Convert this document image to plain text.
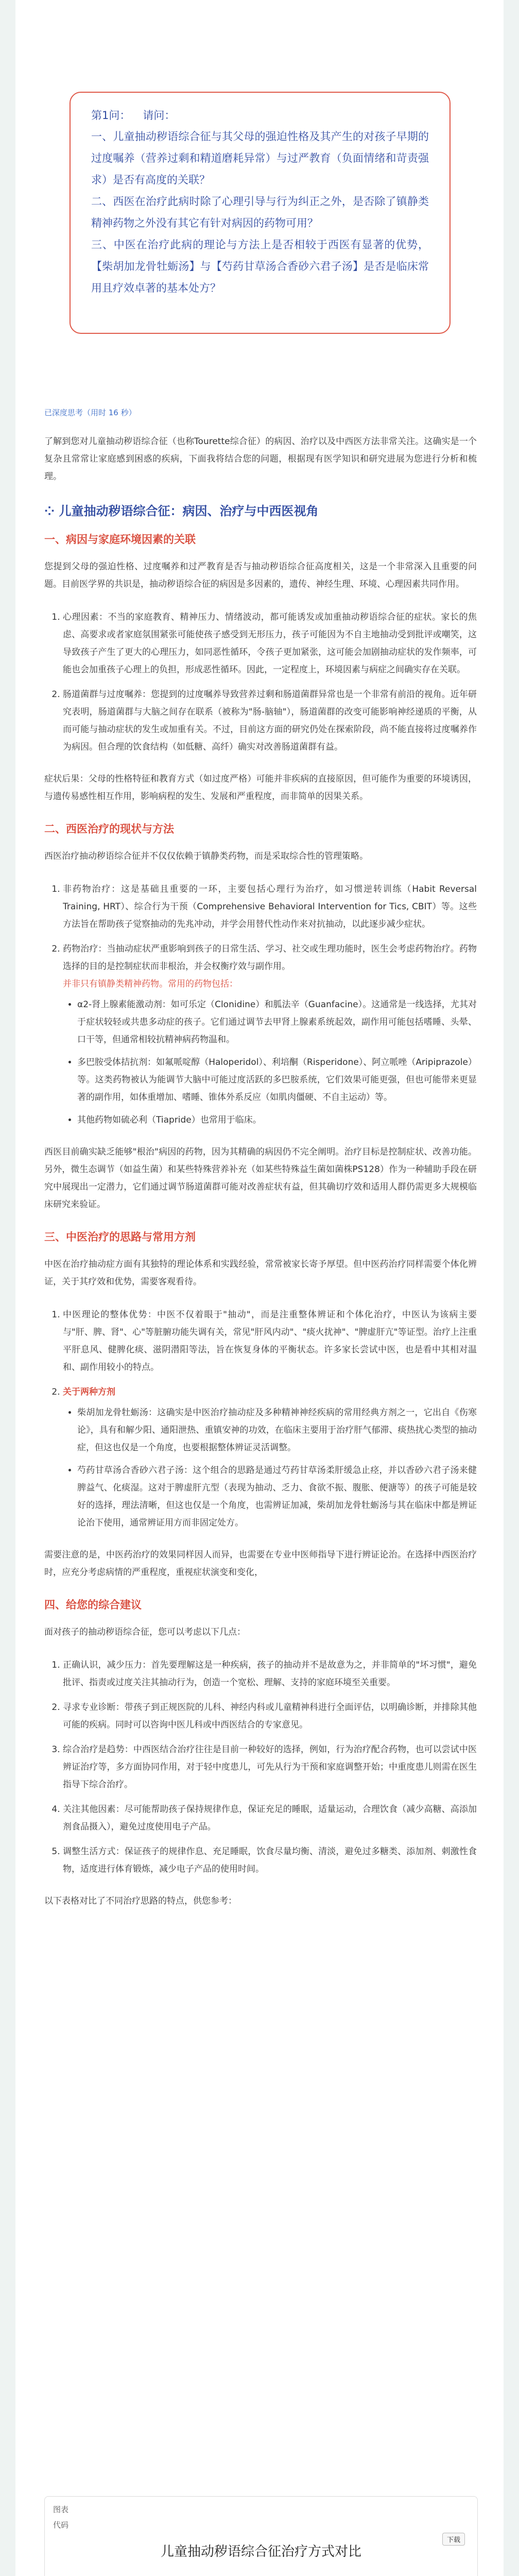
第1问： 请问：
一、儿童抽动秽语综合征与其父母的强迫性格及其产生的对孩子早期的过度嘱养（营养过剩和精道磨耗异常）与过严教育（负面情绪和苛责强求）是否有高度的关联？
二、西医在治疗此病时除了心理引导与行为纠正之外，是否除了镇静类精神药物之外没有其它有针对病因的药物可用？
三、中医在治疗此病的理论与方法上是否相较于西医有显著的优势，【柴胡加龙骨牡蛎汤】与【芍药甘草汤合香砂六君子汤】是否是临床常用且疗效卓著的基本处方？
已深度思考（用时 16 秒）

了解到您对儿童抽动秽语综合征（也称Tourette综合征）的病因、治疗以及中西医方法非常关注。这确实是一个复杂且常常让家庭感到困惑的疾病，下面我将结合您的问题，根据现有医学知识和研究进展为您进行分析和梳理。

⁘ 儿童抽动秽语综合征：病因、治疗与中西医视角
一、病因与家庭环境因素的关联

您提到父母的强迫性格、过度嘱养和过严教育是否与抽动秽语综合征高度相关，这是一个非常深入且重要的问题。目前医学界的共识是，抽动秽语综合征的病因是多因素的，遗传、神经生理、环境、心理因素共同作用。

1. 心理因素：不当的家庭教育、精神压力、情绪波动，都可能诱发或加重抽动秽语综合征的症状。家长的焦虑、高要求或者家庭氛围紧张可能使孩子感受到无形压力，孩子可能因为不自主地抽动受到批评或嘲笑，这导致孩子产生了更大的心理压力，如同恶性循环，令孩子更加紧张，这可能会加剧抽动症状的发作频率，可能也会加重孩子心理上的负担，形成恶性循环。因此，一定程度上，环境因素与病症之间确实存在关联。
2. 肠道菌群与过度嘱养：您提到的过度嘱养导致营养过剩和肠道菌群异常也是一个非常有前沿的视角。近年研究表明，肠道菌群与大脑之间存在联系（被称为"肠-脑轴"），肠道菌群的改变可能影响神经递质的平衡，从而可能与抽动症状的发生或加重有关。不过，目前这方面的研究仍处在探索阶段，尚不能直接将过度嘱养作为病因。但合理的饮食结构（如低糖、高纤）确实对改善肠道菌群有益。

症状后果：父母的性格特征和教育方式（如过度严格）可能并非疾病的直接原因，但可能作为重要的环境诱因，与遗传易感性相互作用，影响病程的发生、发展和严重程度，而非简单的因果关系。

二、西医治疗的现状与方法

西医治疗抽动秽语综合征并不仅仅依赖于镇静类药物，而是采取综合性的管理策略。

1. 非药物治疗：这是基础且重要的一环，主要包括心理行为治疗，如习惯逆转训练（Habit Reversal Training, HRT）、综合行为干预（Comprehensive Behavioral Intervention for Tics, CBIT）等。这些方法旨在帮助孩子觉察抽动的先兆冲动，并学会用替代性动作来对抗抽动，以此逐步减少症状。
2. 药物治疗：当抽动症状严重影响到孩子的日常生活、学习、社交或生理功能时，医生会考虑药物治疗。药物选择的目的是控制症状而非根治，并会权衡疗效与副作用。
并非只有镇静类精神药物。常用的药物包括：
• α2-肾上腺素能激动剂：如可乐定（Clonidine）和胍法辛（Guanfacine）。这通常是一线选择，尤其对于症状较轻或共患多动症的孩子。它们通过调节去甲肾上腺素系统起效，副作用可能包括嗜睡、头晕、口干等，但通常相较抗精神病药物温和。
• 多巴胺受体拮抗剂：如氟哌啶醇（Haloperidol）、利培酮（Risperidone）、阿立哌唑（Aripiprazole）等。这类药物被认为能调节大脑中可能过度活跃的多巴胺系统，它们效果可能更强，但也可能带来更显著的副作用，如体重增加、嗜睡、锥体外系反应（如肌肉僵硬、不自主运动）等。
• 其他药物如硫必利（Tiapride）也常用于临床。

西医目前确实缺乏能够"根治"病因的药物，因为其精确的病因仍不完全阐明。治疗目标是控制症状、改善功能。另外，微生态调节（如益生菌）和某些特殊营养补充（如某些特殊益生菌如菌株PS128）作为一种辅助手段在研究中展现出一定潜力，它们通过调节肠道菌群可能对改善症状有益，但其确切疗效和适用人群仍需更多大规模临床研究来验证。

三、中医治疗的思路与常用方剂

中医在治疗抽动症方面有其独特的理论体系和实践经验，常常被家长寄予厚望。但中医药治疗同样需要个体化辨证，关于其疗效和优势，需要客观看待。

1. 中医理论的整体优势：中医不仅着眼于"抽动"，而是注重整体辨证和个体化治疗，中医认为该病主要与"肝、脾、肾"、心"等脏腑功能失调有关，常见"肝风内动"、"痰火扰神"、"脾虚肝亢"等证型。治疗上注重平肝息风、健脾化痰、滋阴潜阳等法，旨在恢复身体的平衡状态。许多家长尝试中医，也是看中其相对温和、副作用较小的特点。
2. 关于两种方剂
• 柴胡加龙骨牡蛎汤：这确实是中医治疗抽动症及多种精神神经疾病的常用经典方剂之一，它出自《伤寒论》，具有和解少阳、通阳泄热、重镇安神的功效，在临床主要用于治疗肝气郁滞、痰热扰心类型的抽动症，但这也仅是一个角度，也要根据整体辨证灵活调整。
• 芍药甘草汤合香砂六君子汤：这个组合的思路是通过芍药甘草汤柔肝缓急止痉，并以香砂六君子汤来健脾益气、化痰湿。这对于脾虚肝亢型（表现为抽动、乏力、食欲不振、腹胀、便溏等）的孩子可能是较好的选择，理法清晰，但这也仅是一个角度，也需辨证加减，柴胡加龙骨牡蛎汤与其在临床中都是辨证论治下使用，通常辨证用方而非固定处方。

需要注意的是，中医药治疗的效果同样因人而异，也需要在专业中医师指导下进行辨证论治。在选择中西医治疗时，应充分考虑病情的严重程度，重视症状演变和变化，

四、给您的综合建议

面对孩子的抽动秽语综合征，您可以考虑以下几点：

1. 正确认识，减少压力：首先要理解这是一种疾病，孩子的抽动并不是故意为之，并非简单的"坏习惯"，避免批评、指责或过度关注其抽动行为，创造一个宽松、理解、支持的家庭环境至关重要。
2. 寻求专业诊断：带孩子到正规医院的儿科、神经内科或儿童精神科进行全面评估，以明确诊断，并排除其他可能的疾病。同时可以咨询中医儿科或中西医结合的专家意见。
3. 综合治疗是趋势：中西医结合治疗往往是目前一种较好的选择，例如，行为治疗配合药物，也可以尝试中医辨证治疗等，多方面协同作用，对于轻中度患儿，可先从行为干预和家庭调整开始；中重度患儿则需在医生指导下综合治疗。
4. 关注其他因素：尽可能帮助孩子保持规律作息，保证充足的睡眠，适量运动，合理饮食（减少高糖、高添加剂食品摄入），避免过度使用电子产品。
5. 调整生活方式：保证孩子的规律作息、充足睡眠，饮食尽量均衡、清淡，避免过多糖类、添加剂、刺激性食物，适度进行体育锻炼，减少电子产品的使用时间。

以下表格对比了不同治疗思路的特点，供您参考：

图表
代码
下载
儿童抽动秽语综合征治疗方式对比
